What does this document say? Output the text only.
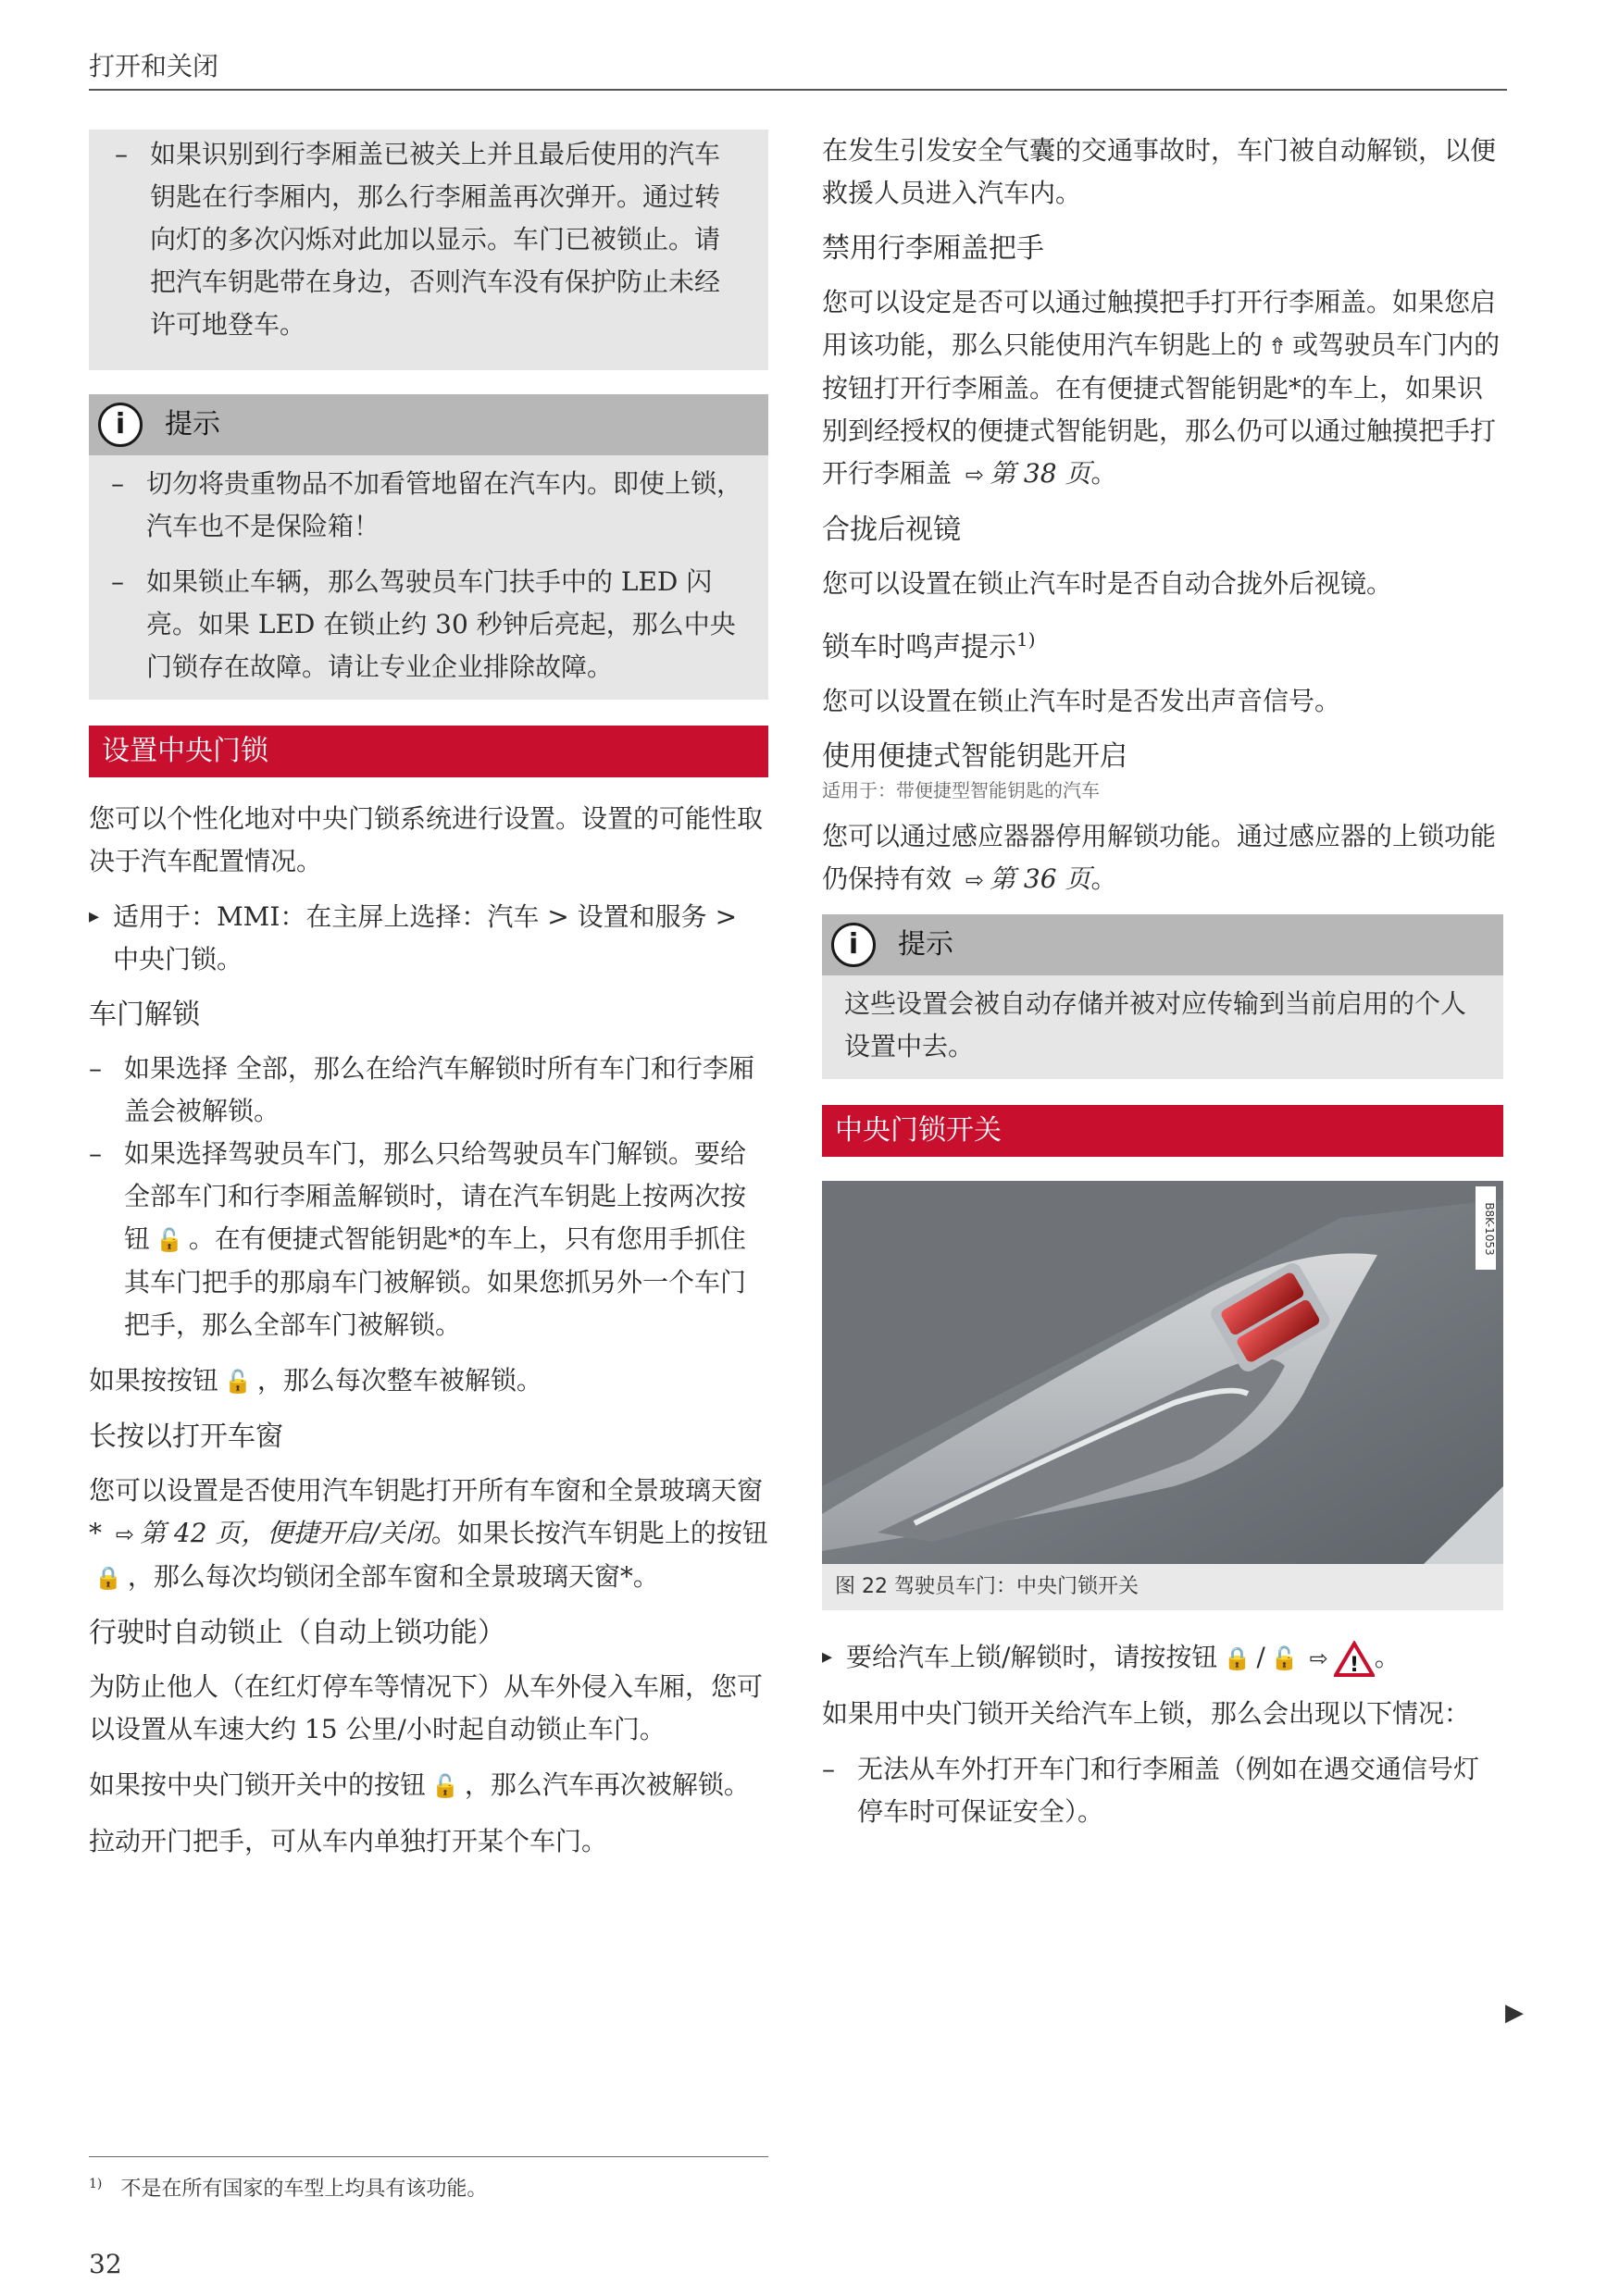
打开和关闭

– 如果识别到行李厢盖已被关上并且最后使用的汽车钥匙在行李厢内，那么行李厢盖再次弹开。通过转向灯的多次闪烁对此加以显示。车门已被锁止。请把汽车钥匙带在身边，否则汽车没有保护防止未经许可地登车。

i	提示

– 切勿将贵重物品不加看管地留在汽车内。即使上锁，汽车也不是保险箱！

– 如果锁止车辆，那么驾驶员车门扶手中的 LED 闪亮。如果 LED 在锁止约 30 秒钟后亮起，那么中央门锁存在故障。请让专业企业排除故障。

设置中央门锁

您可以个性化地对中央门锁系统进行设置。设置的可能性取决于汽车配置情况。

▸ 适用于：MMI：在主屏上选择：汽车 > 设置和服务 > 中央门锁。

车门解锁

– 如果选择 全部，那么在给汽车解锁时所有车门和行李厢盖会被解锁。

– 如果选择驾驶员车门，那么只给驾驶员车门解锁。要给全部车门和行李厢盖解锁时，请在汽车钥匙上按两次按钮 🔓 。在有便捷式智能钥匙*的车上，只有您用手抓住其车门把手的那扇车门被解锁。如果您抓另外一个车门把手，那么全部车门被解锁。

如果按按钮 🔓 ，那么每次整车被解锁。

长按以打开车窗

您可以设置是否使用汽车钥匙打开所有车窗和全景玻璃天窗* ⇨ 第 42 页，便捷开启/关闭。如果长按汽车钥匙上的按钮🔒 ，那么每次均锁闭全部车窗和全景玻璃天窗*。

行驶时自动锁止（自动上锁功能）

为防止他人（在红灯停车等情况下）从车外侵入车厢，您可以设置从车速大约 15 公里/小时起自动锁止车门。

如果按中央门锁开关中的按钮 🔓 ，那么汽车再次被解锁。

拉动开门把手，可从车内单独打开某个车门。

在发生引发安全气囊的交通事故时，车门被自动解锁，以便救援人员进入汽车内。

禁用行李厢盖把手

您可以设定是否可以通过触摸把手打开行李厢盖。如果您启用该功能，那么只能使用汽车钥匙上的 ⇮ 或驾驶员车门内的按钮打开行李厢盖。在有便捷式智能钥匙*的车上，如果识别到经授权的便捷式智能钥匙，那么仍可以通过触摸把手打开行李厢盖 ⇨ 第 38 页。

合拢后视镜

您可以设置在锁止汽车时是否自动合拢外后视镜。

锁车时鸣声提示$^{1)}$

您可以设置在锁止汽车时是否发出声音信号。

使用便捷式智能钥匙开启
适用于：带便捷型智能钥匙的汽车

您可以通过感应器器停用解锁功能。通过感应器的上锁功能仍保持有效 ⇨ 第 36 页。

i	提示

这些设置会被自动存储并被对应传输到当前启用的个人设置中去。

中央门锁开关
B8K-1053
图 22 驾驶员车门：中央门锁开关

▸ 要给汽车上锁/解锁时，请按按钮 🔒 / 🔓 ⇨ ! 。

如果用中央门锁开关给汽车上锁，那么会出现以下情况：

– 无法从车外打开车门和行李厢盖（例如在遇交通信号灯停车时可保证安全）。

▶
$^{1)}$ 不是在所有国家的车型上均具有该功能。
32
